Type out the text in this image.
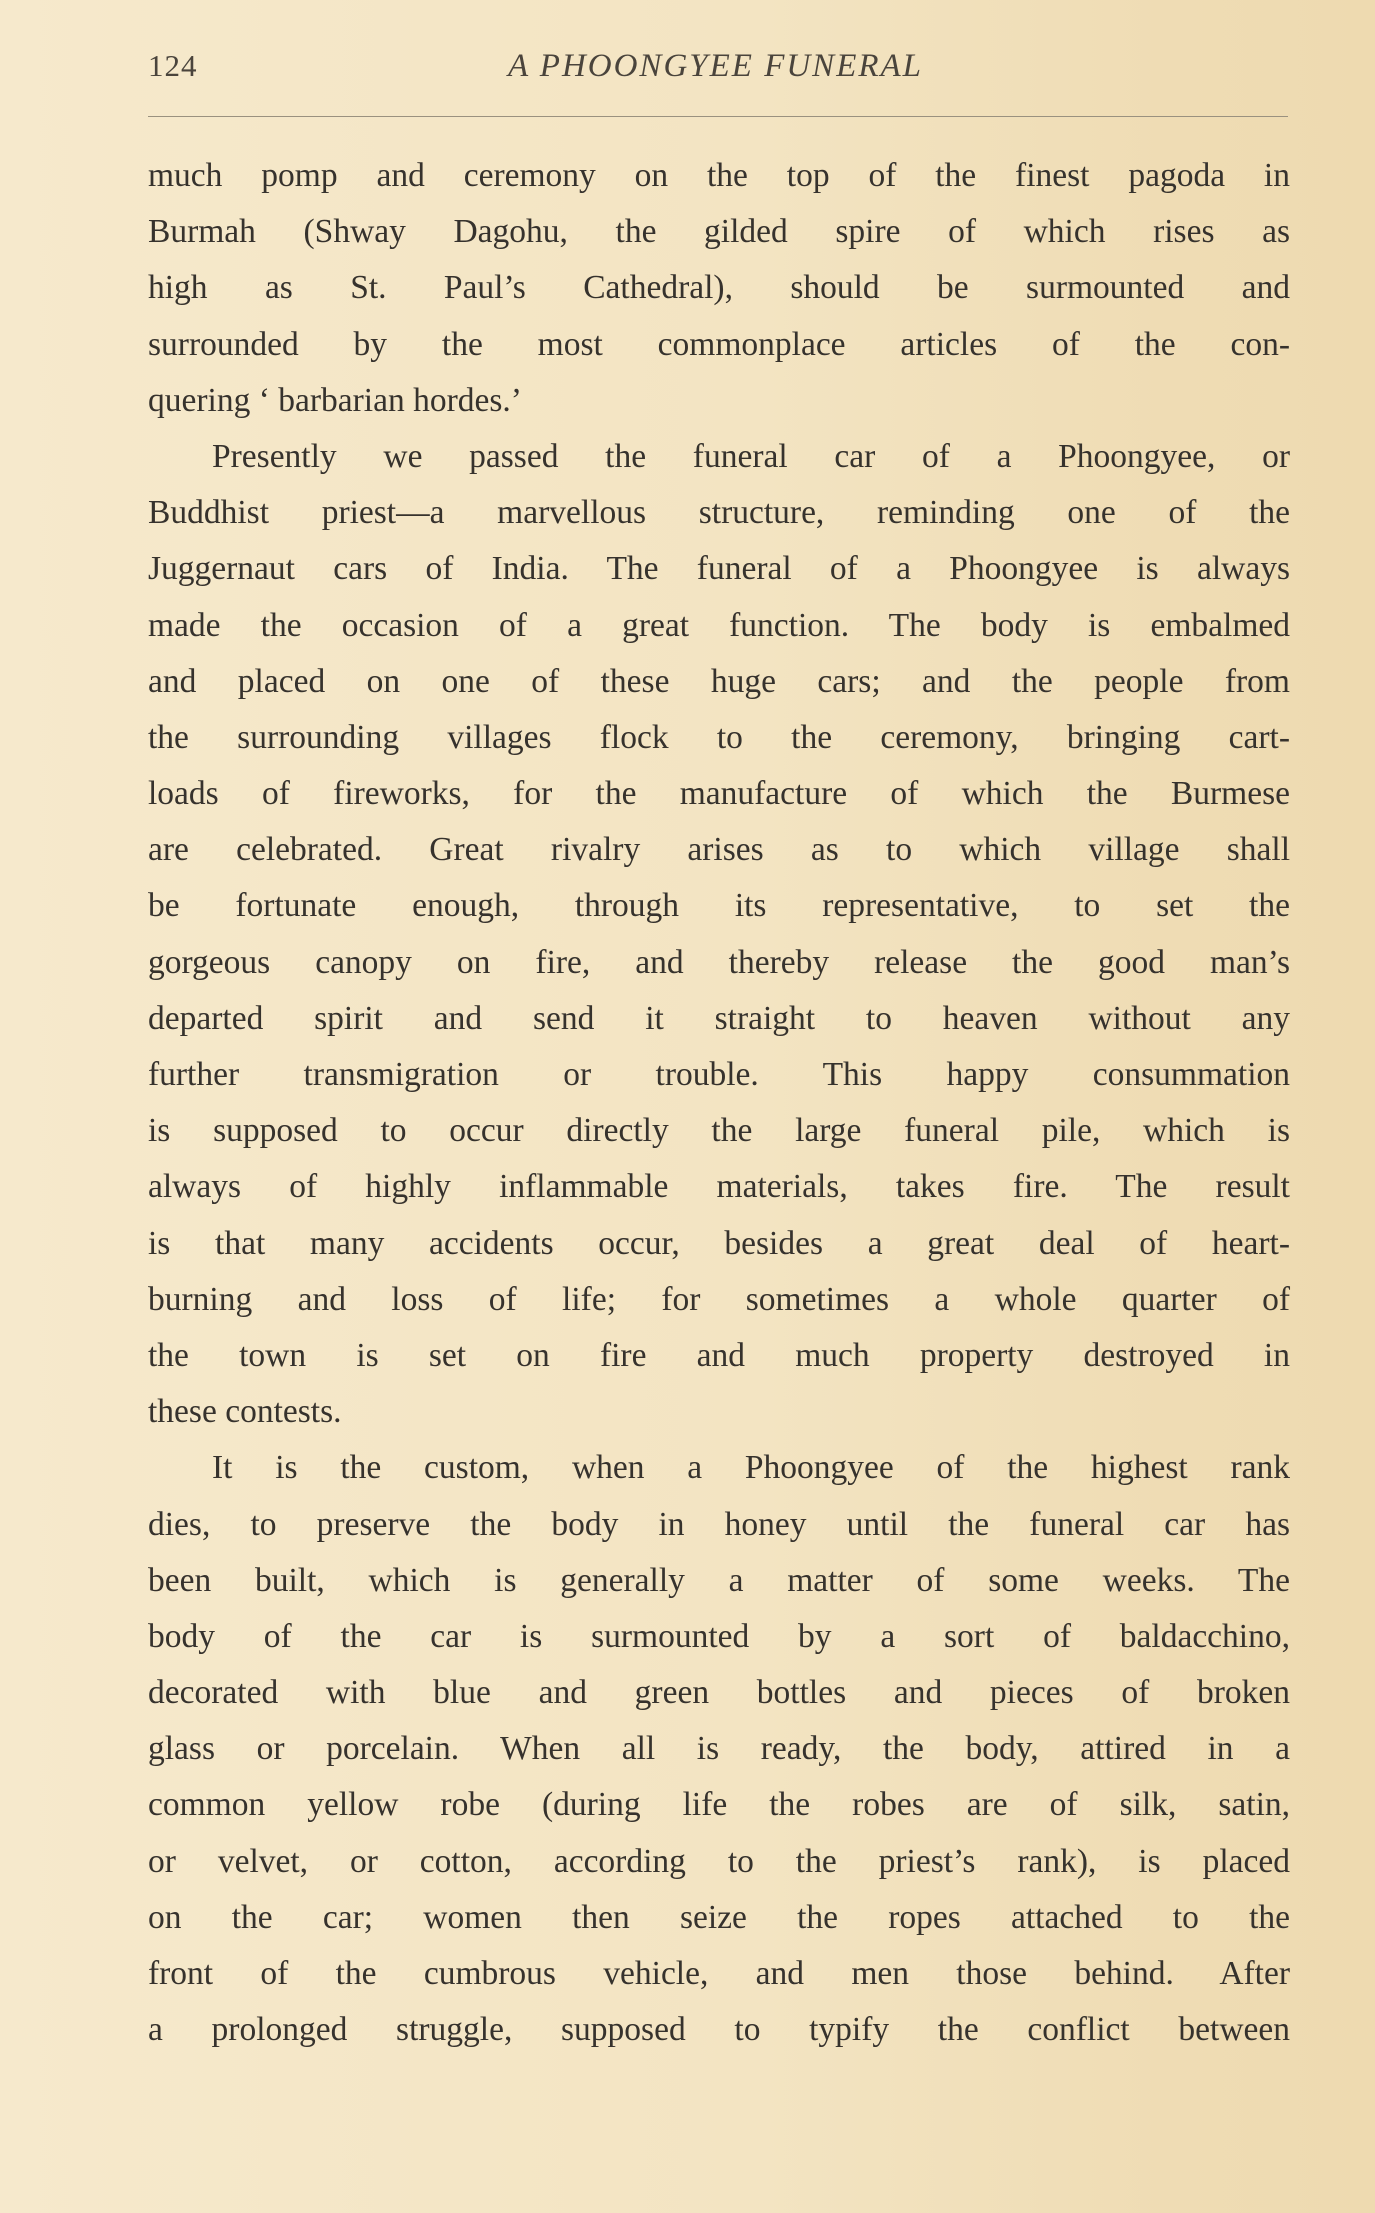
124	A PHOONGYEE FUNERAL
much pomp and ceremony on the top of the finest pagoda in
Burmah (Shway Dagohu, the gilded spire of which rises as
high as St. Paul’s Cathedral), should be surmounted and
surrounded by the most commonplace articles of the con-
quering ‘ barbarian hordes.’
Presently we passed the funeral car of a Phoongyee, or
Buddhist priest—a marvellous structure, reminding one of the
Juggernaut cars of India. The funeral of a Phoongyee is always
made the occasion of a great function. The body is embalmed
and placed on one of these huge cars; and the people from
the surrounding villages flock to the ceremony, bringing cart-
loads of fireworks, for the manufacture of which the Burmese
are celebrated. Great rivalry arises as to which village shall
be fortunate enough, through its representative, to set the
gorgeous canopy on fire, and thereby release the good man’s
departed spirit and send it straight to heaven without any
further transmigration or trouble. This happy consummation
is supposed to occur directly the large funeral pile, which is
always of highly inflammable materials, takes fire. The result
is that many accidents occur, besides a great deal of heart-
burning and loss of life; for sometimes a whole quarter of
the town is set on fire and much property destroyed in
these contests.
It is the custom, when a Phoongyee of the highest rank
dies, to preserve the body in honey until the funeral car has
been built, which is generally a matter of some weeks. The
body of the car is surmounted by a sort of baldacchino,
decorated with blue and green bottles and pieces of broken
glass or porcelain. When all is ready, the body, attired in a
common yellow robe (during life the robes are of silk, satin,
or velvet, or cotton, according to the priest’s rank), is placed
on the car; women then seize the ropes attached to the
front of the cumbrous vehicle, and men those behind. After
a prolonged struggle, supposed to typify the conflict between
